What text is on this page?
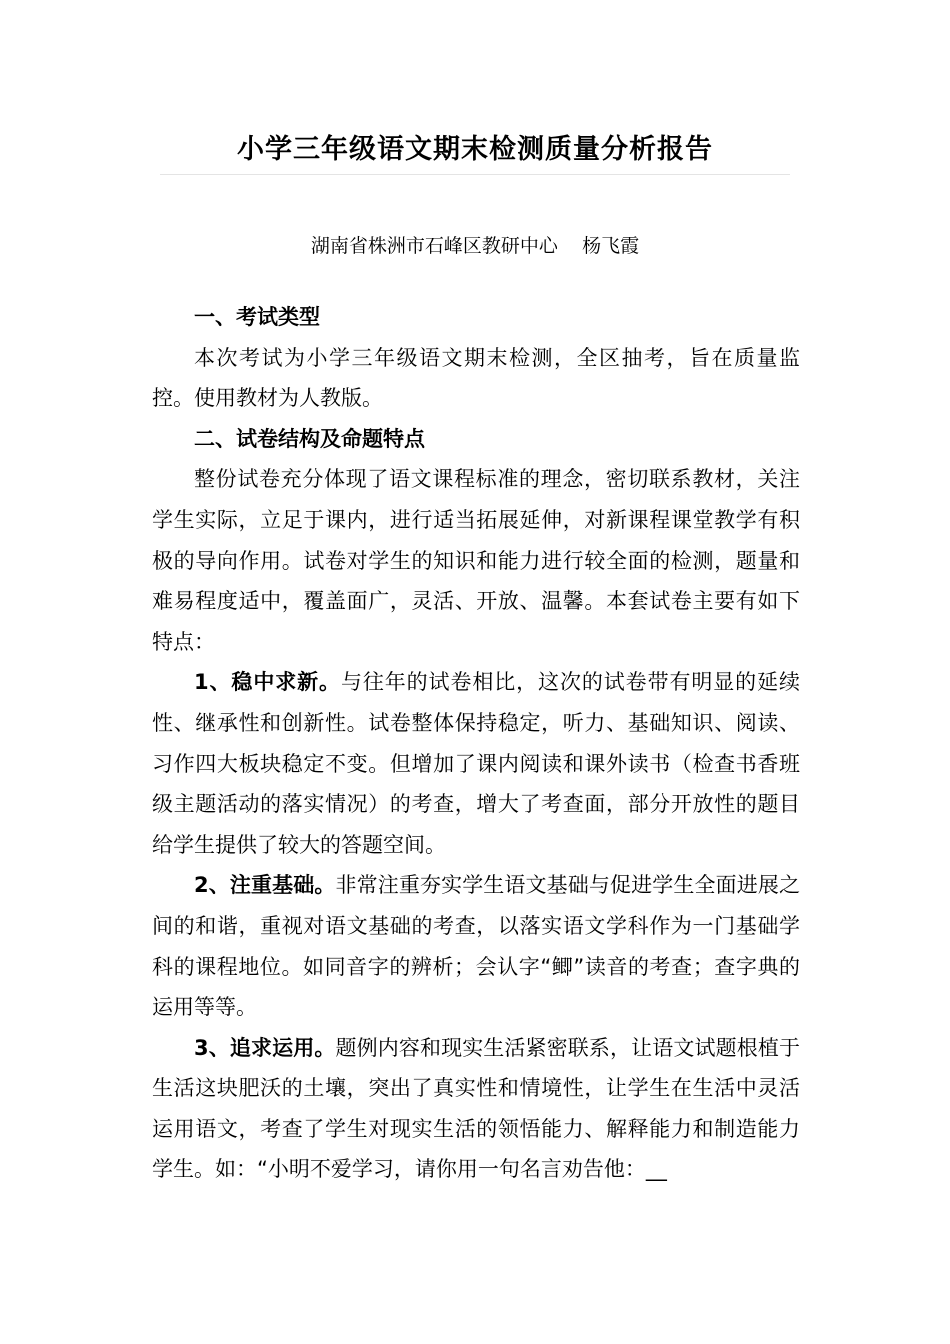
小学三年级语文期末检测质量分析报告
湖南省株洲市石峰区教研中心    杨飞霞

一、考试类型

本次考试为小学三年级语文期末检测，全区抽考，旨在质量监控。使用教材为人教版。

二、试卷结构及命题特点

整份试卷充分体现了语文课程标准的理念，密切联系教材，关注学生实际，立足于课内，进行适当拓展延伸，对新课程课堂教学有积极的导向作用。试卷对学生的知识和能力进行较全面的检测，题量和难易程度适中，覆盖面广，灵活、开放、温馨。本套试卷主要有如下特点：

1、稳中求新。与往年的试卷相比，这次的试卷带有明显的延续性、继承性和创新性。试卷整体保持稳定，听力、基础知识、阅读、习作四大板块稳定不变。但增加了课内阅读和课外读书（检查书香班级主题活动的落实情况）的考查，增大了考查面，部分开放性的题目给学生提供了较大的答题空间。

2、注重基础。非常注重夯实学生语文基础与促进学生全面进展之间的和谐，重视对语文基础的考查，以落实语文学科作为一门基础学科的课程地位。如同音字的辨析；会认字“鲫”读音的考查；查字典的运用等等。

3、追求运用。题例内容和现实生活紧密联系，让语文试题根植于生活这块肥沃的土壤，突出了真实性和情境性，让学生在生活中灵活运用语文，考查了学生对现实生活的领悟能力、解释能力和制造能力学生。如：“小明不爱学习，请你用一句名言劝告他：__
